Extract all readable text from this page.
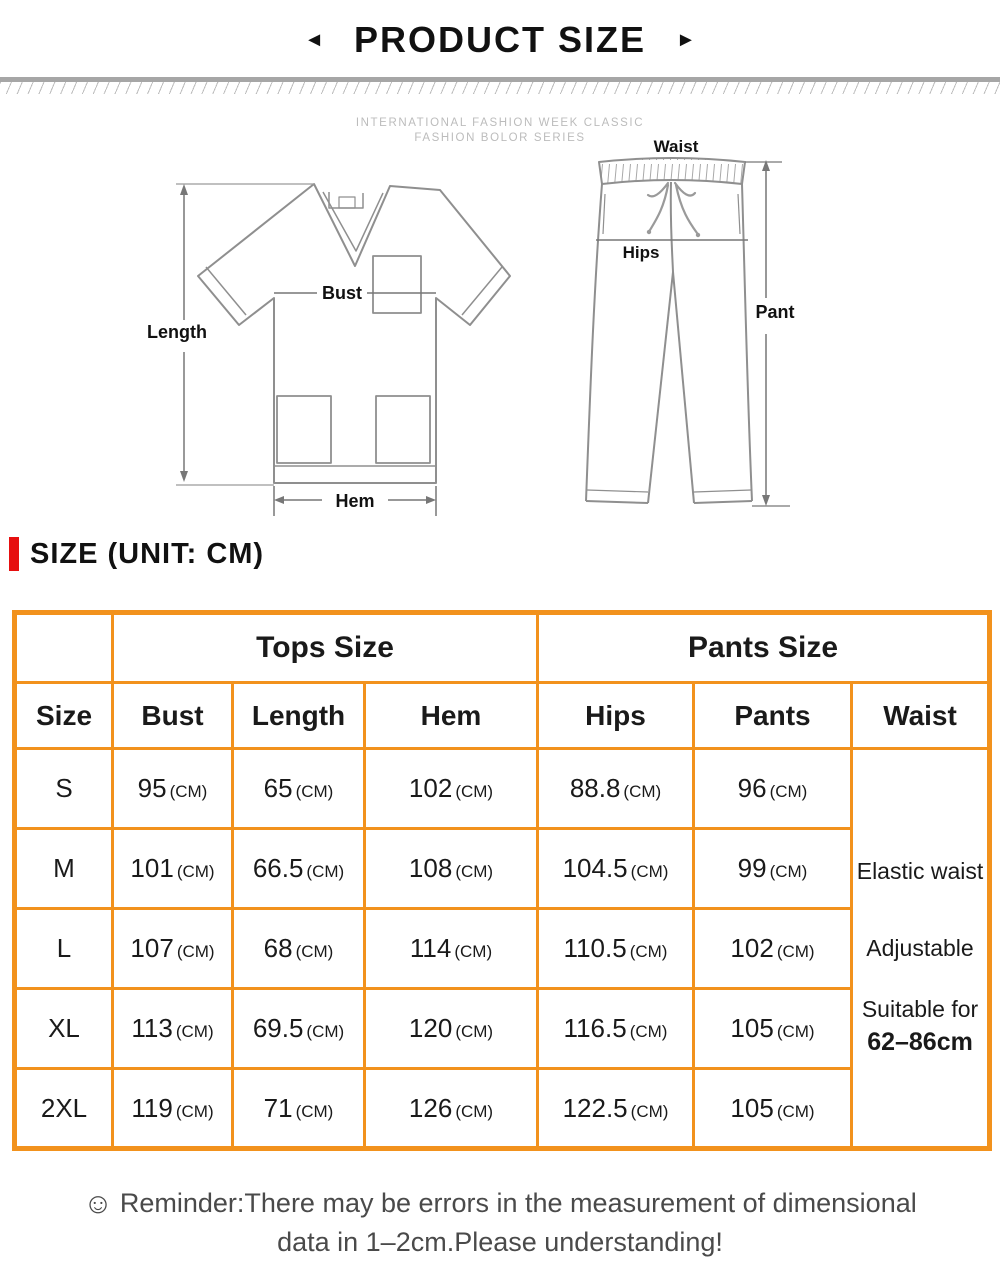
◄ PRODUCT SIZE ►
INTERNATIONAL FASHION WEEK CLASSIC
FASHION BOLOR SERIES
Length
Bust
Hem
Waist
Hips
Pant
SIZE (UNIT: CM)
	Tops Size			Pants Size		
Size	Bust	Length	Hem	Hips	Pants	Waist
S	95 (CM)	65 (CM)	102 (CM)	88.8 (CM)	96 (CM)	Elastic waist
Adjustable
Suitable for
62–86cm

M	101 (CM)	66.5 (CM)	108 (CM)	104.5 (CM)	99 (CM)	
L	107 (CM)	68 (CM)	114 (CM)	110.5 (CM)	102 (CM)	
XL	113 (CM)	69.5 (CM)	120 (CM)	116.5 (CM)	105 (CM)	
2XL	119 (CM)	71 (CM)	126 (CM)	122.5 (CM)	105 (CM)	
☺ Reminder:There may be errors in the measurement of dimensional
data in 1–2cm.Please understanding!
